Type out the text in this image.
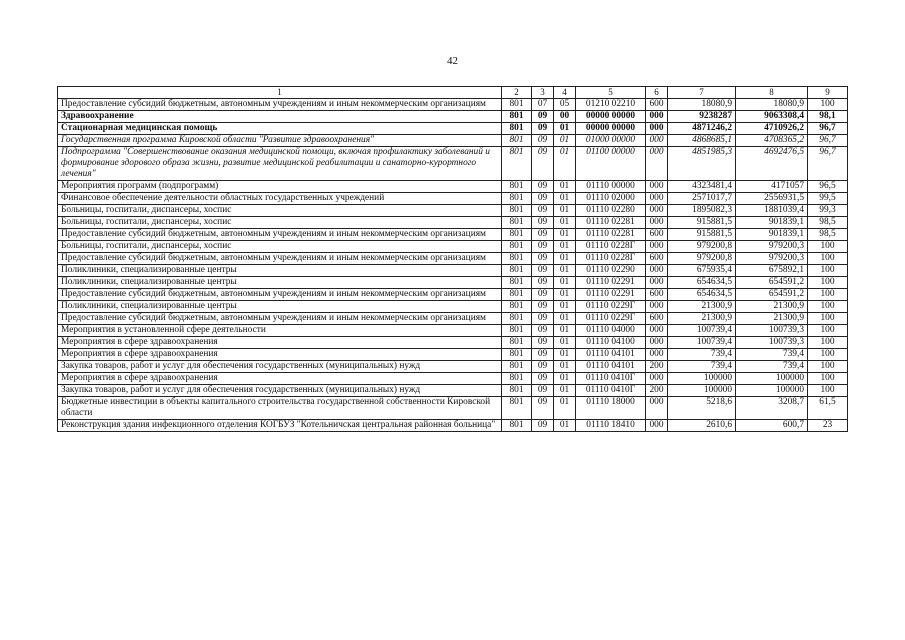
42
1	2	3	4	5	6	7	8	9
Предоставление субсидий бюджетным, автономным учреждениям и иным некоммерческим организациям	801	07	05	01210 02210	600	18080,9	18080,9	100
Здравоохранение	801	09	00	00000 00000	000	9238287	9063308,4	98,1
Стационарная медицинская помощь	801	09	01	00000 00000	000	4871246,2	4710926,2	96,7
Государственная программа Кировской области "Развитие здравоохранения"	801	09	01	01000 00000	000	4868685,1	4708365,2	96,7
Подпрограмма "Совершенствование оказания медицинской помощи, включая профилактику заболеваний и формирование здорового образа жизни, развитие медицинской реабилитации и санаторно-курортного лечения"	801	09	01	01100 00000	000	4851985,3	4692476,5	96,7
Мероприятия программ (подпрограмм)	801	09	01	01110 00000	000	4323481,4	4171057	96,5
Финансовое обеспечение деятельности областных государственных учреждений	801	09	01	01110 02000	000	2571017,7	2556931,5	99,5
Больницы, госпитали, диспансеры, хоспис	801	09	01	01110 02280	000	1895082,3	1881039,4	99,3
Больницы, госпитали, диспансеры, хоспис	801	09	01	01110 02281	000	915881,5	901839,1	98,5
Предоставление субсидий бюджетным, автономным учреждениям и иным некоммерческим организациям	801	09	01	01110 02281	600	915881,5	901839,1	98,5
Больницы, госпитали, диспансеры, хоспис	801	09	01	01110 0228Г	000	979200,8	979200,3	100
Предоставление субсидий бюджетным, автономным учреждениям и иным некоммерческим организациям	801	09	01	01110 0228Г	600	979200,8	979200,3	100
Поликлиники, специализированные центры	801	09	01	01110 02290	000	675935,4	675892,1	100
Поликлиники, специализированные центры	801	09	01	01110 02291	000	654634,5	654591,2	100
Предоставление субсидий бюджетным, автономным учреждениям и иным некоммерческим организациям	801	09	01	01110 02291	600	654634,5	654591,2	100
Поликлиники, специализированные центры	801	09	01	01110 0229Г	000	21300,9	21300,9	100
Предоставление субсидий бюджетным, автономным учреждениям и иным некоммерческим организациям	801	09	01	01110 0229Г	600	21300,9	21300,9	100
Мероприятия в установленной сфере деятельности	801	09	01	01110 04000	000	100739,4	100739,3	100
Мероприятия в сфере здравоохранения	801	09	01	01110 04100	000	100739,4	100739,3	100
Мероприятия в сфере здравоохранения	801	09	01	01110 04101	000	739,4	739,4	100
Закупка товаров, работ и услуг для обеспечения государственных (муниципальных) нужд	801	09	01	01110 04101	200	739,4	739,4	100
Мероприятия в сфере здравоохранения	801	09	01	01110 0410Г	000	100000	100000	100
Закупка товаров, работ и услуг для обеспечения государственных (муниципальных) нужд	801	09	01	01110 0410Г	200	100000	100000	100
Бюджетные инвестиции в объекты капитального строительства государственной собственности Кировской области	801	09	01	01110 18000	000	5218,6	3208,7	61,5
Реконструкция здания инфекционного отделения КОГБУЗ "Котельничская центральная районная больница"	801	09	01	01110 18410	000	2610,6	600,7	23
